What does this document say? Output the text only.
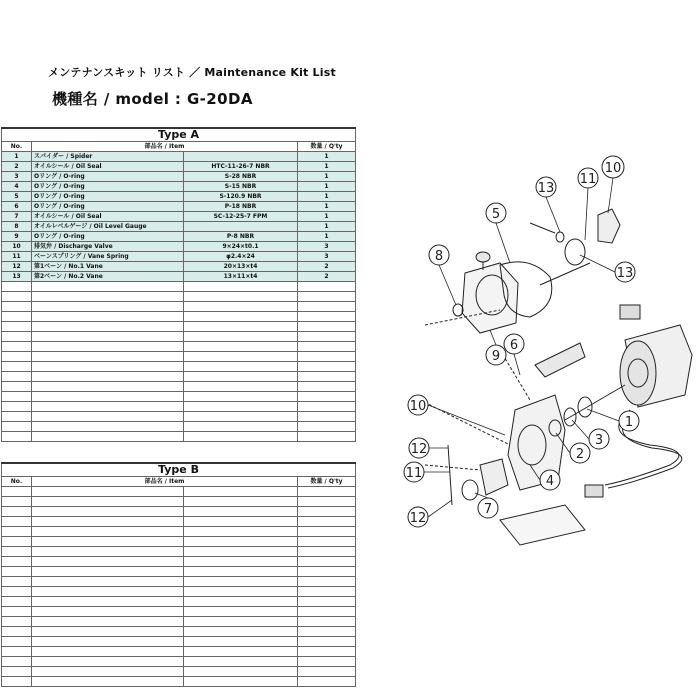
メンテナンスキット リスト ／ Maintenance Kit List
機種名 / model : G-20DA
Type A			
No.	部品名 / Item		数量 / Q'ty
1	スパイダー / Spider		1
2	オイルシール / Oil Seal	HTC-11-26-7 NBR	1
3	Oリング / O-ring	S-28 NBR	1
4	Oリング / O-ring	S-15 NBR	1
5	Oリング / O-ring	S-120.9 NBR	1
6	Oリング / O-ring	P-18 NBR	1
7	オイルシール / Oil Seal	SC-12-25-7 FPM	1
8	オイルレベルゲージ / Oil Level Gauge		1
9	Oリング / O-ring	P-8 NBR	1
10	排気弁 / Discharge Valve	9×24×t0.1	3
11	ベーンスプリング / Vane Spring	φ2.4×24	3
12	第1ベーン / No.1 Vane	20×13×t4	2
13	第2ベーン / No.2 Vane	13×11×t4	2

Type B			
No.	部品名 / Item		数量 / Q'ty

10
11
13
5
8
13
6
9
10
1
3
2
12
11
4
7
12
